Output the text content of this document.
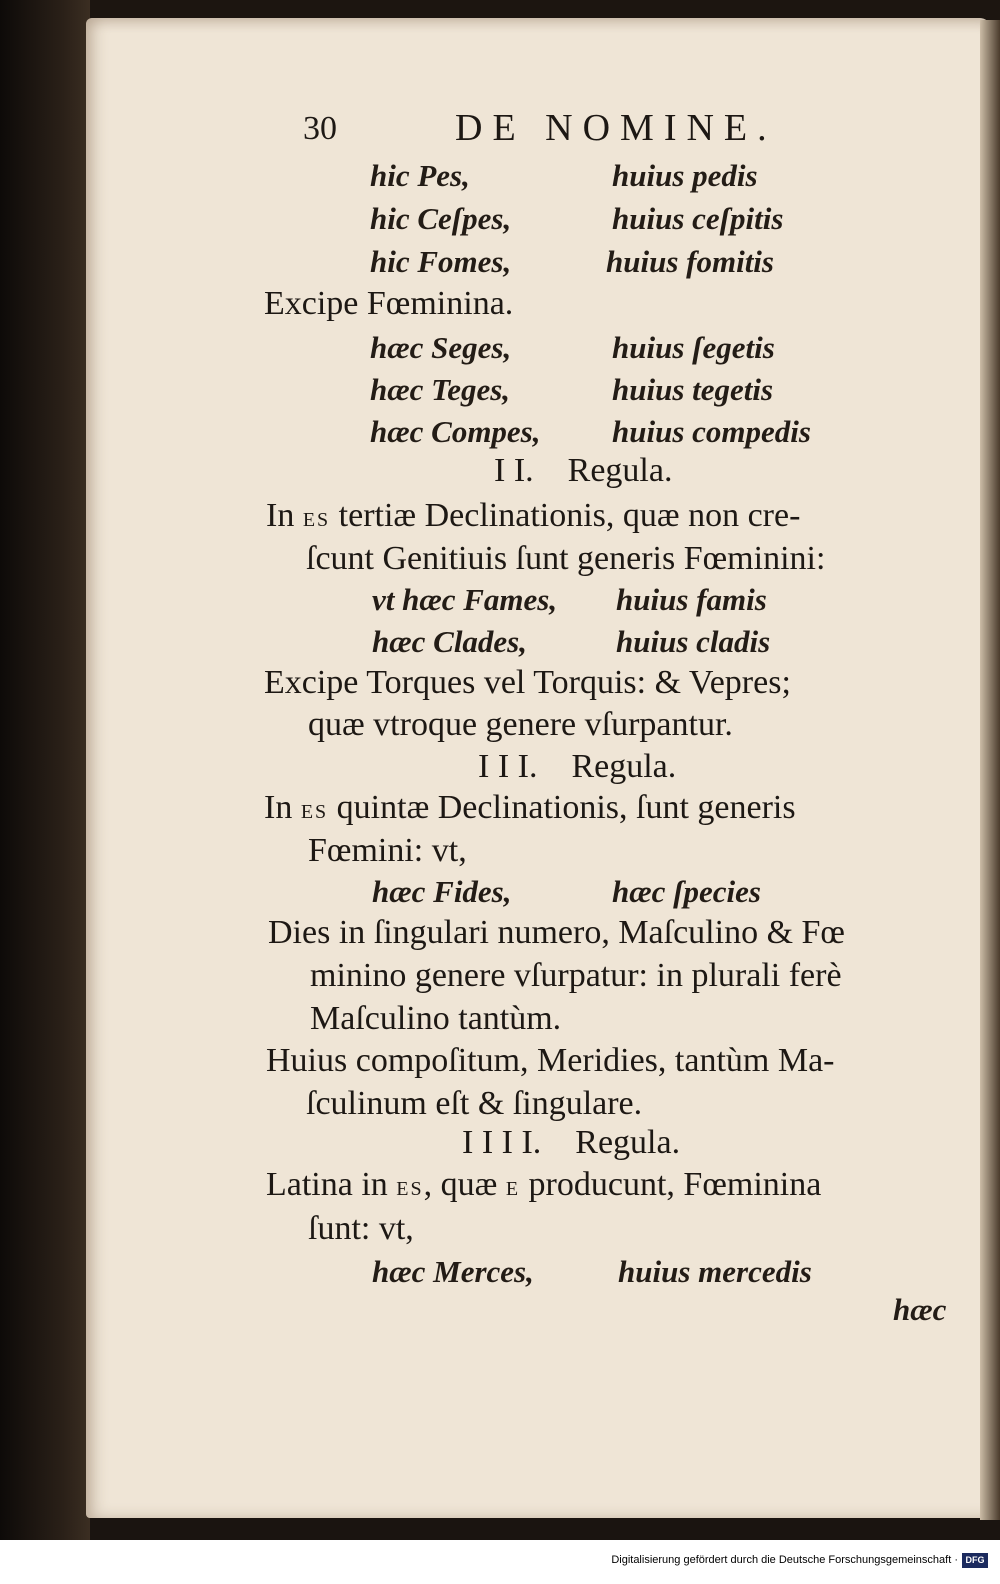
30	DE NOMINE.
hic Pes,	huius pedis
hic Ceſpes,	huius ceſpitis
hic Fomes,	huius fomitis
Excipe Fœminina.
hæc Seges,	huius ſegetis
hæc Teges,	huius tegetis
hæc Compes, huius compedis
I I.    Regula.
In ES tertiæ Declinationis, quæ non cre-
ſcunt Genitiuis ſunt generis Fœminini:
vt hæc Fames, huius famis
hæc Clades,	huius cladis
Excipe Torques vel Torquis: & Vepres;
quæ vtroque genere vſurpantur.
I I I.    Regula.
In ES quintæ Declinationis, ſunt generis
Fœmini: vt,
hæc Fides,	hæc ſpecies
Dies in ſingulari numero, Maſculino & Fœ
minino genere vſurpatur: in plurali ferè
Maſculino tantùm.
Huius compoſitum, Meridies, tantùm Ma-
ſculinum eſt & ſingulare.
I I I I.    Regula.
Latina in ES, quæ E producunt, Fœminina
ſunt: vt,
hæc Merces,	huius mercedis
hæc
Digitalisierung gefördert durch die Deutsche Forschungsgemeinschaft · DFG
